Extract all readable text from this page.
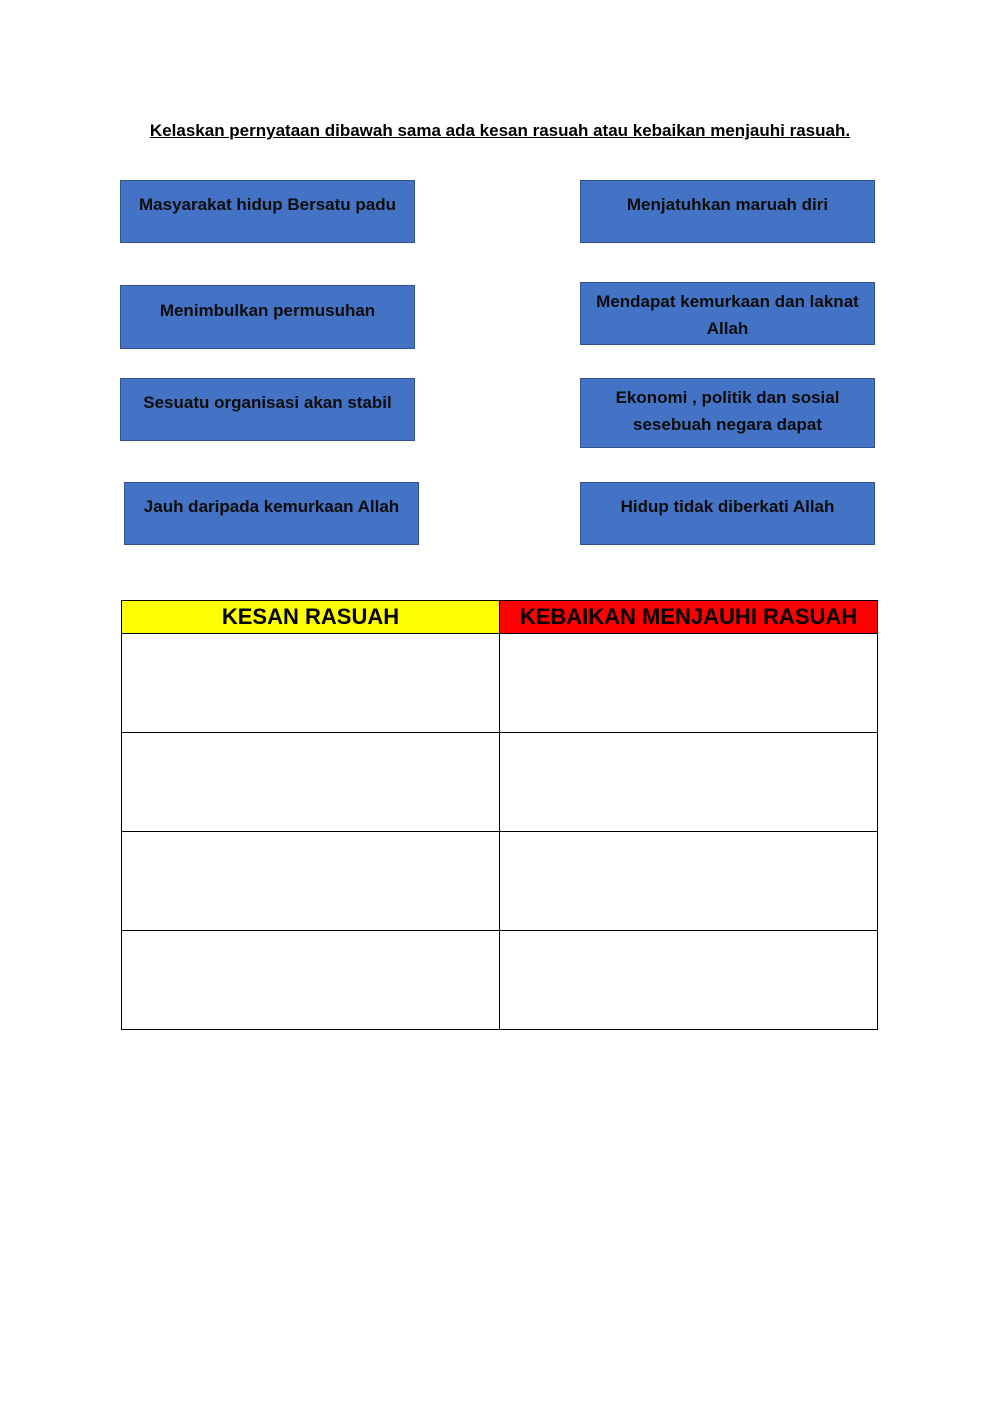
Kelaskan pernyataan dibawah sama ada kesan rasuah atau kebaikan menjauhi rasuah.
Masyarakat hidup Bersatu padu	Menjatuhkan maruah diri
Menimbulkan permusuhan	Mendapat kemurkaan dan laknat Allah
Sesuatu organisasi akan stabil	Ekonomi , politik dan sosial sesebuah negara dapat
Jauh daripada kemurkaan Allah	Hidup tidak diberkati Allah
KESAN RASUAH	KEBAIKAN MENJAUHI RASUAH
